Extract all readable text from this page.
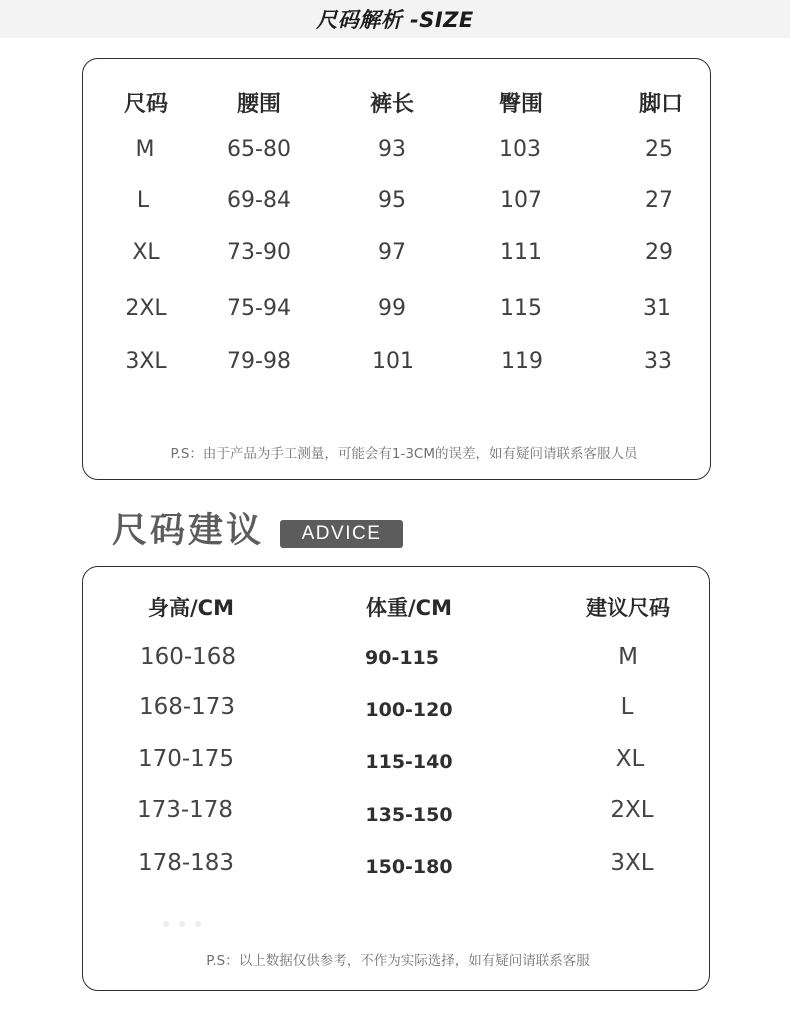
尺码解析 -SIZE
尺码	腰围	裤长	臀围	脚口
M	65-80	93	103	25
L	69-84	95	107	27
XL	73-90	97	111	29
2XL	75-94	99	115	31
3XL	79-98	101	119	33
P.S：由于产品为手工测量，可能会有1-3CM的误差，如有疑问请联系客服人员
尺码建议	ADVICE
身高/CM	体重/CM	建议尺码
160-168	90-115	M
168-173	100-120	L
170-175	115-140	XL
173-178	135-150	2XL
178-183	150-180	3XL
P.S：以上数据仅供参考，不作为实际选择，如有疑问请联系客服
